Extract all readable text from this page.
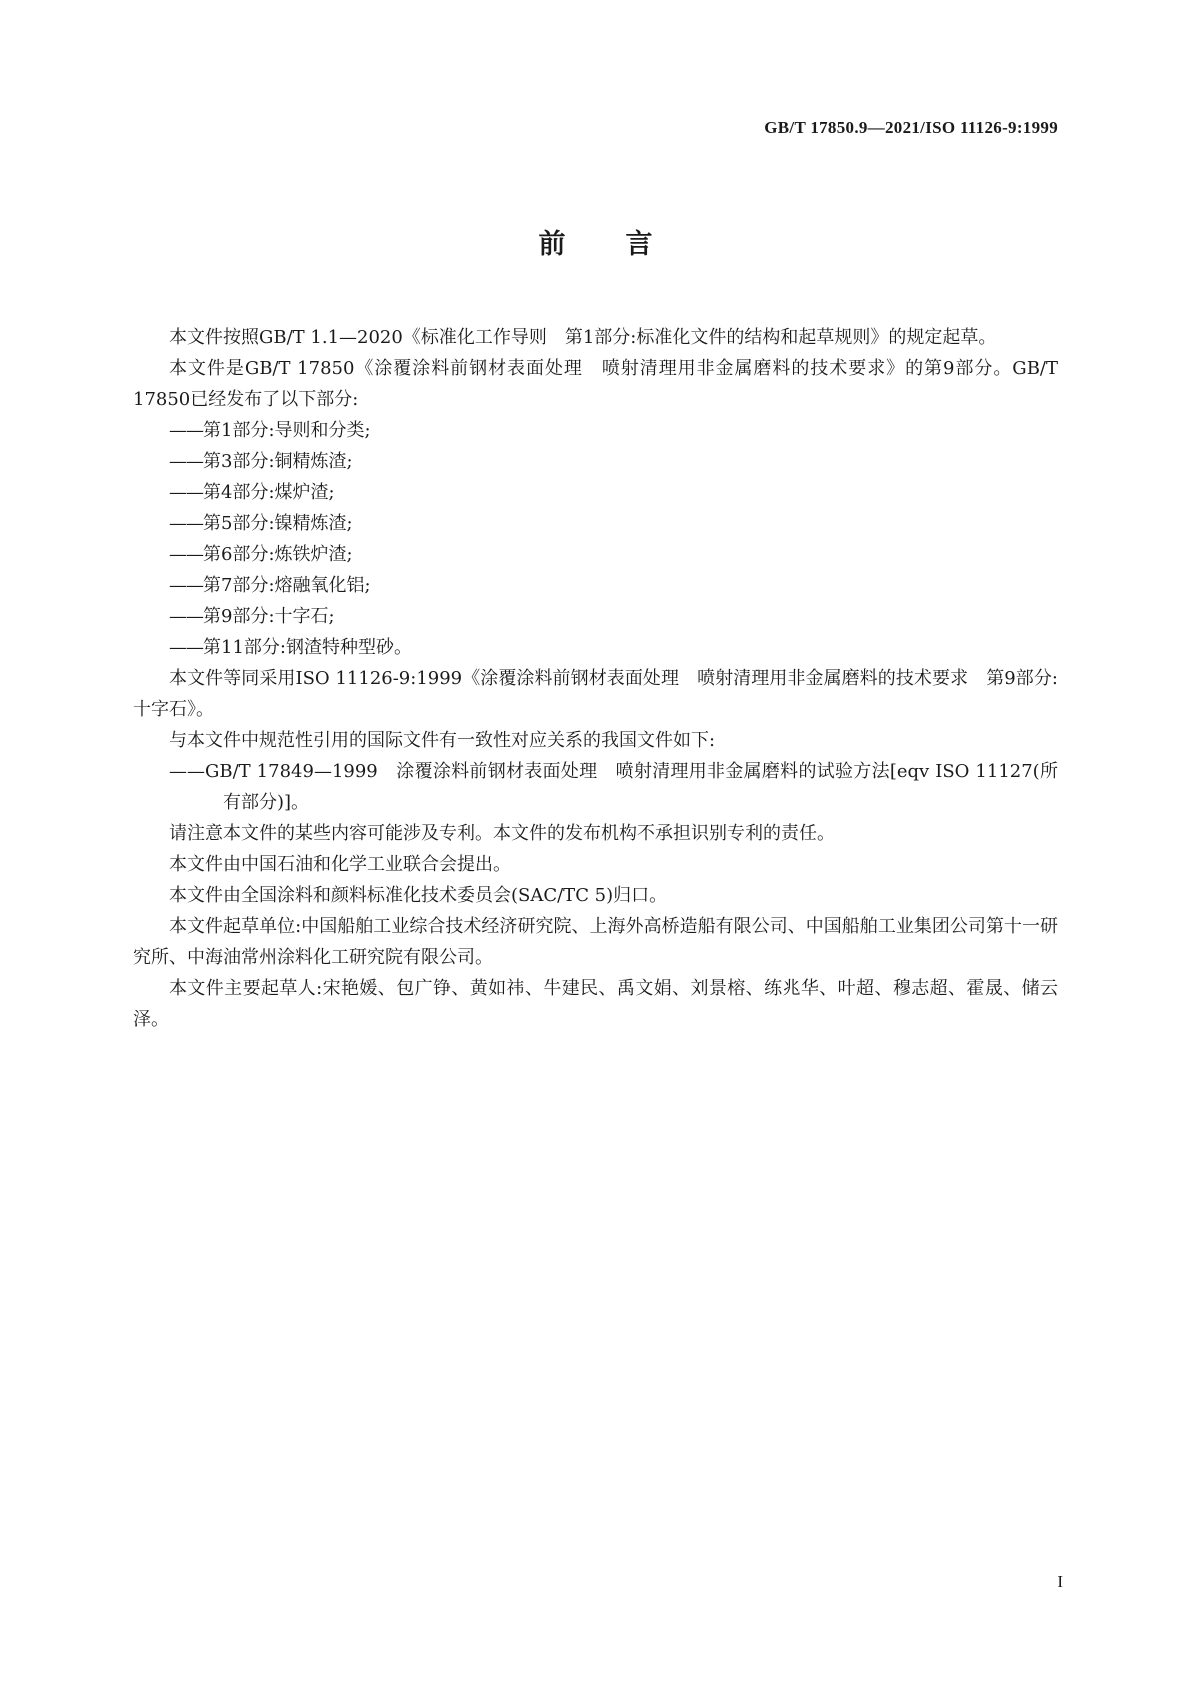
GB/T 17850.9—2021/ISO 11126-9:1999
前 言

本文件按照GB/T 1.1—2020《标准化工作导则　第1部分:标准化文件的结构和起草规则》的规定起草。

本文件是GB/T 17850《涂覆涂料前钢材表面处理　喷射清理用非金属磨料的技术要求》的第9部分。GB/T 17850已经发布了以下部分:

——第1部分:导则和分类;

——第3部分:铜精炼渣;

——第4部分:煤炉渣;

——第5部分:镍精炼渣;

——第6部分:炼铁炉渣;

——第7部分:熔融氧化铝;

——第9部分:十字石;

——第11部分:钢渣特种型砂。

本文件等同采用ISO 11126-9:1999《涂覆涂料前钢材表面处理　喷射清理用非金属磨料的技术要求　第9部分:十字石》。

与本文件中规范性引用的国际文件有一致性对应关系的我国文件如下:

——GB/T 17849—1999　涂覆涂料前钢材表面处理　喷射清理用非金属磨料的试验方法[eqv ISO 11127(所有部分)]。

请注意本文件的某些内容可能涉及专利。本文件的发布机构不承担识别专利的责任。

本文件由中国石油和化学工业联合会提出。

本文件由全国涂料和颜料标准化技术委员会(SAC/TC 5)归口。

本文件起草单位:中国船舶工业综合技术经济研究院、上海外高桥造船有限公司、中国船舶工业集团公司第十一研究所、中海油常州涂料化工研究院有限公司。

本文件主要起草人:宋艳媛、包广铮、黄如祎、牛建民、禹文娟、刘景榕、练兆华、叶超、穆志超、霍晟、储云泽。

I
